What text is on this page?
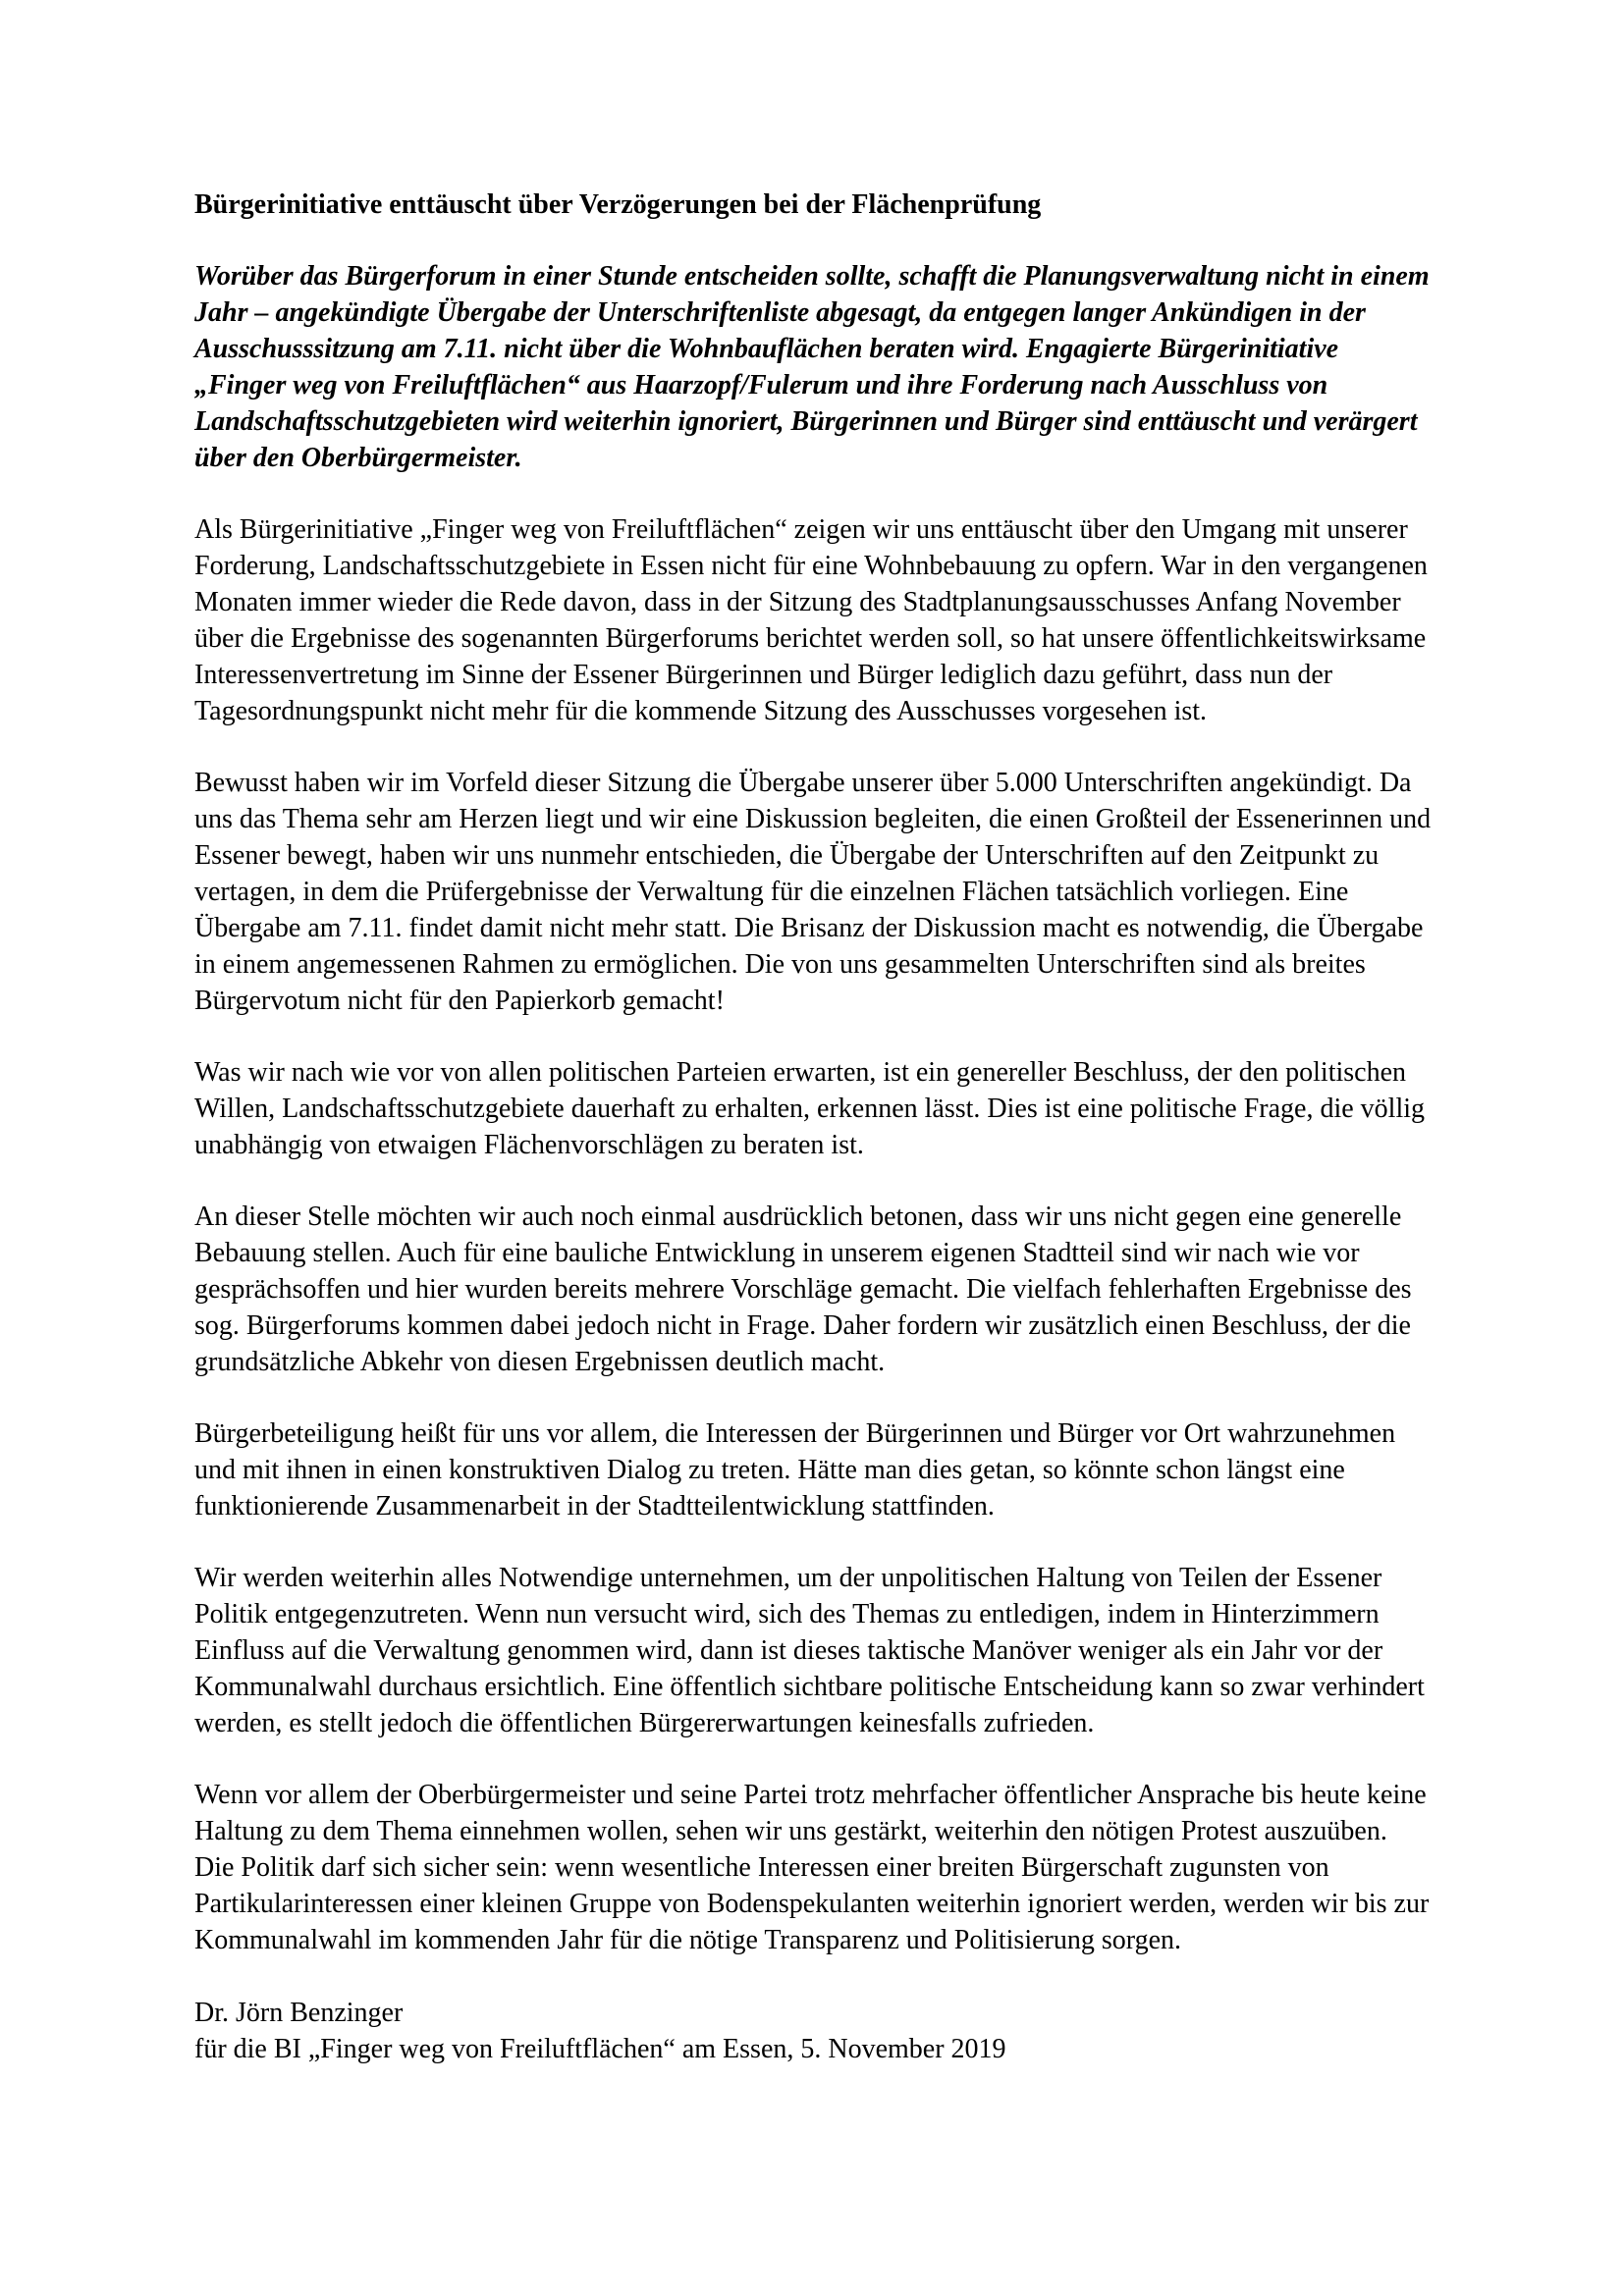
Bürgerinitiative enttäuscht über Verzögerungen bei der Flächenprüfung

Worüber das Bürgerforum in einer Stunde entscheiden sollte, schafft die Planungsverwaltung nicht in einem Jahr – angekündigte Übergabe der Unterschriftenliste abgesagt, da entgegen langer Ankündigen in der Ausschusssitzung am 7.11. nicht über die Wohnbauflächen beraten wird. Engagierte Bürgerinitiative „Finger weg von Freiluftflächen“ aus Haarzopf/Fulerum und ihre Forderung nach Ausschluss von Landschaftsschutzgebieten wird weiterhin ignoriert, Bürgerinnen und Bürger sind enttäuscht und verärgert über den Oberbürgermeister.

Als Bürgerinitiative „Finger weg von Freiluftflächen“ zeigen wir uns enttäuscht über den Umgang mit unserer Forderung, Landschaftsschutzgebiete in Essen nicht für eine Wohnbebauung zu opfern. War in den vergangenen Monaten immer wieder die Rede davon, dass in der Sitzung des Stadtplanungsausschusses Anfang November über die Ergebnisse des sogenannten Bürgerforums berichtet werden soll, so hat unsere öffentlichkeitswirksame Interessenvertretung im Sinne der Essener Bürgerinnen und Bürger lediglich dazu geführt, dass nun der Tagesordnungspunkt nicht mehr für die kommende Sitzung des Ausschusses vorgesehen ist.

Bewusst haben wir im Vorfeld dieser Sitzung die Übergabe unserer über 5.000 Unterschriften angekündigt. Da uns das Thema sehr am Herzen liegt und wir eine Diskussion begleiten, die einen Großteil der Essenerinnen und Essener bewegt, haben wir uns nunmehr entschieden, die Übergabe der Unterschriften auf den Zeitpunkt zu vertagen, in dem die Prüfergebnisse der Verwaltung für die einzelnen Flächen tatsächlich vorliegen. Eine Übergabe am 7.11. findet damit nicht mehr statt. Die Brisanz der Diskussion macht es notwendig, die Übergabe in einem angemessenen Rahmen zu ermöglichen. Die von uns gesammelten Unterschriften sind als breites Bürgervotum nicht für den Papierkorb gemacht!

Was wir nach wie vor von allen politischen Parteien erwarten, ist ein genereller Beschluss, der den politischen Willen, Landschaftsschutzgebiete dauerhaft zu erhalten, erkennen lässt. Dies ist eine politische Frage, die völlig unabhängig von etwaigen Flächenvorschlägen zu beraten ist.

An dieser Stelle möchten wir auch noch einmal ausdrücklich betonen, dass wir uns nicht gegen eine generelle Bebauung stellen. Auch für eine bauliche Entwicklung in unserem eigenen Stadtteil sind wir nach wie vor gesprächsoffen und hier wurden bereits mehrere Vorschläge gemacht. Die vielfach fehlerhaften Ergebnisse des sog. Bürgerforums kommen dabei jedoch nicht in Frage. Daher fordern wir zusätzlich einen Beschluss, der die grundsätzliche Abkehr von diesen Ergebnissen deutlich macht.

Bürgerbeteiligung heißt für uns vor allem, die Interessen der Bürgerinnen und Bürger vor Ort wahrzunehmen und mit ihnen in einen konstruktiven Dialog zu treten. Hätte man dies getan, so könnte schon längst eine funktionierende Zusammenarbeit in der Stadtteilentwicklung stattfinden.

Wir werden weiterhin alles Notwendige unternehmen, um der unpolitischen Haltung von Teilen der Essener Politik entgegenzutreten. Wenn nun versucht wird, sich des Themas zu entledigen, indem in Hinterzimmern Einfluss auf die Verwaltung genommen wird, dann ist dieses taktische Manöver weniger als ein Jahr vor der Kommunalwahl durchaus ersichtlich. Eine öffentlich sichtbare politische Entscheidung kann so zwar verhindert werden, es stellt jedoch die öffentlichen Bürgererwartungen keinesfalls zufrieden.

Wenn vor allem der Oberbürgermeister und seine Partei trotz mehrfacher öffentlicher Ansprache bis heute keine Haltung zu dem Thema einnehmen wollen, sehen wir uns gestärkt, weiterhin den nötigen Protest auszuüben. Die Politik darf sich sicher sein: wenn wesentliche Interessen einer breiten Bürgerschaft zugunsten von Partikularinteressen einer kleinen Gruppe von Bodenspekulanten weiterhin ignoriert werden, werden wir bis zur Kommunalwahl im kommenden Jahr für die nötige Transparenz und Politisierung sorgen.

Dr. Jörn Benzinger
für die BI „Finger weg von Freiluftflächen“ am Essen, 5. November 2019
